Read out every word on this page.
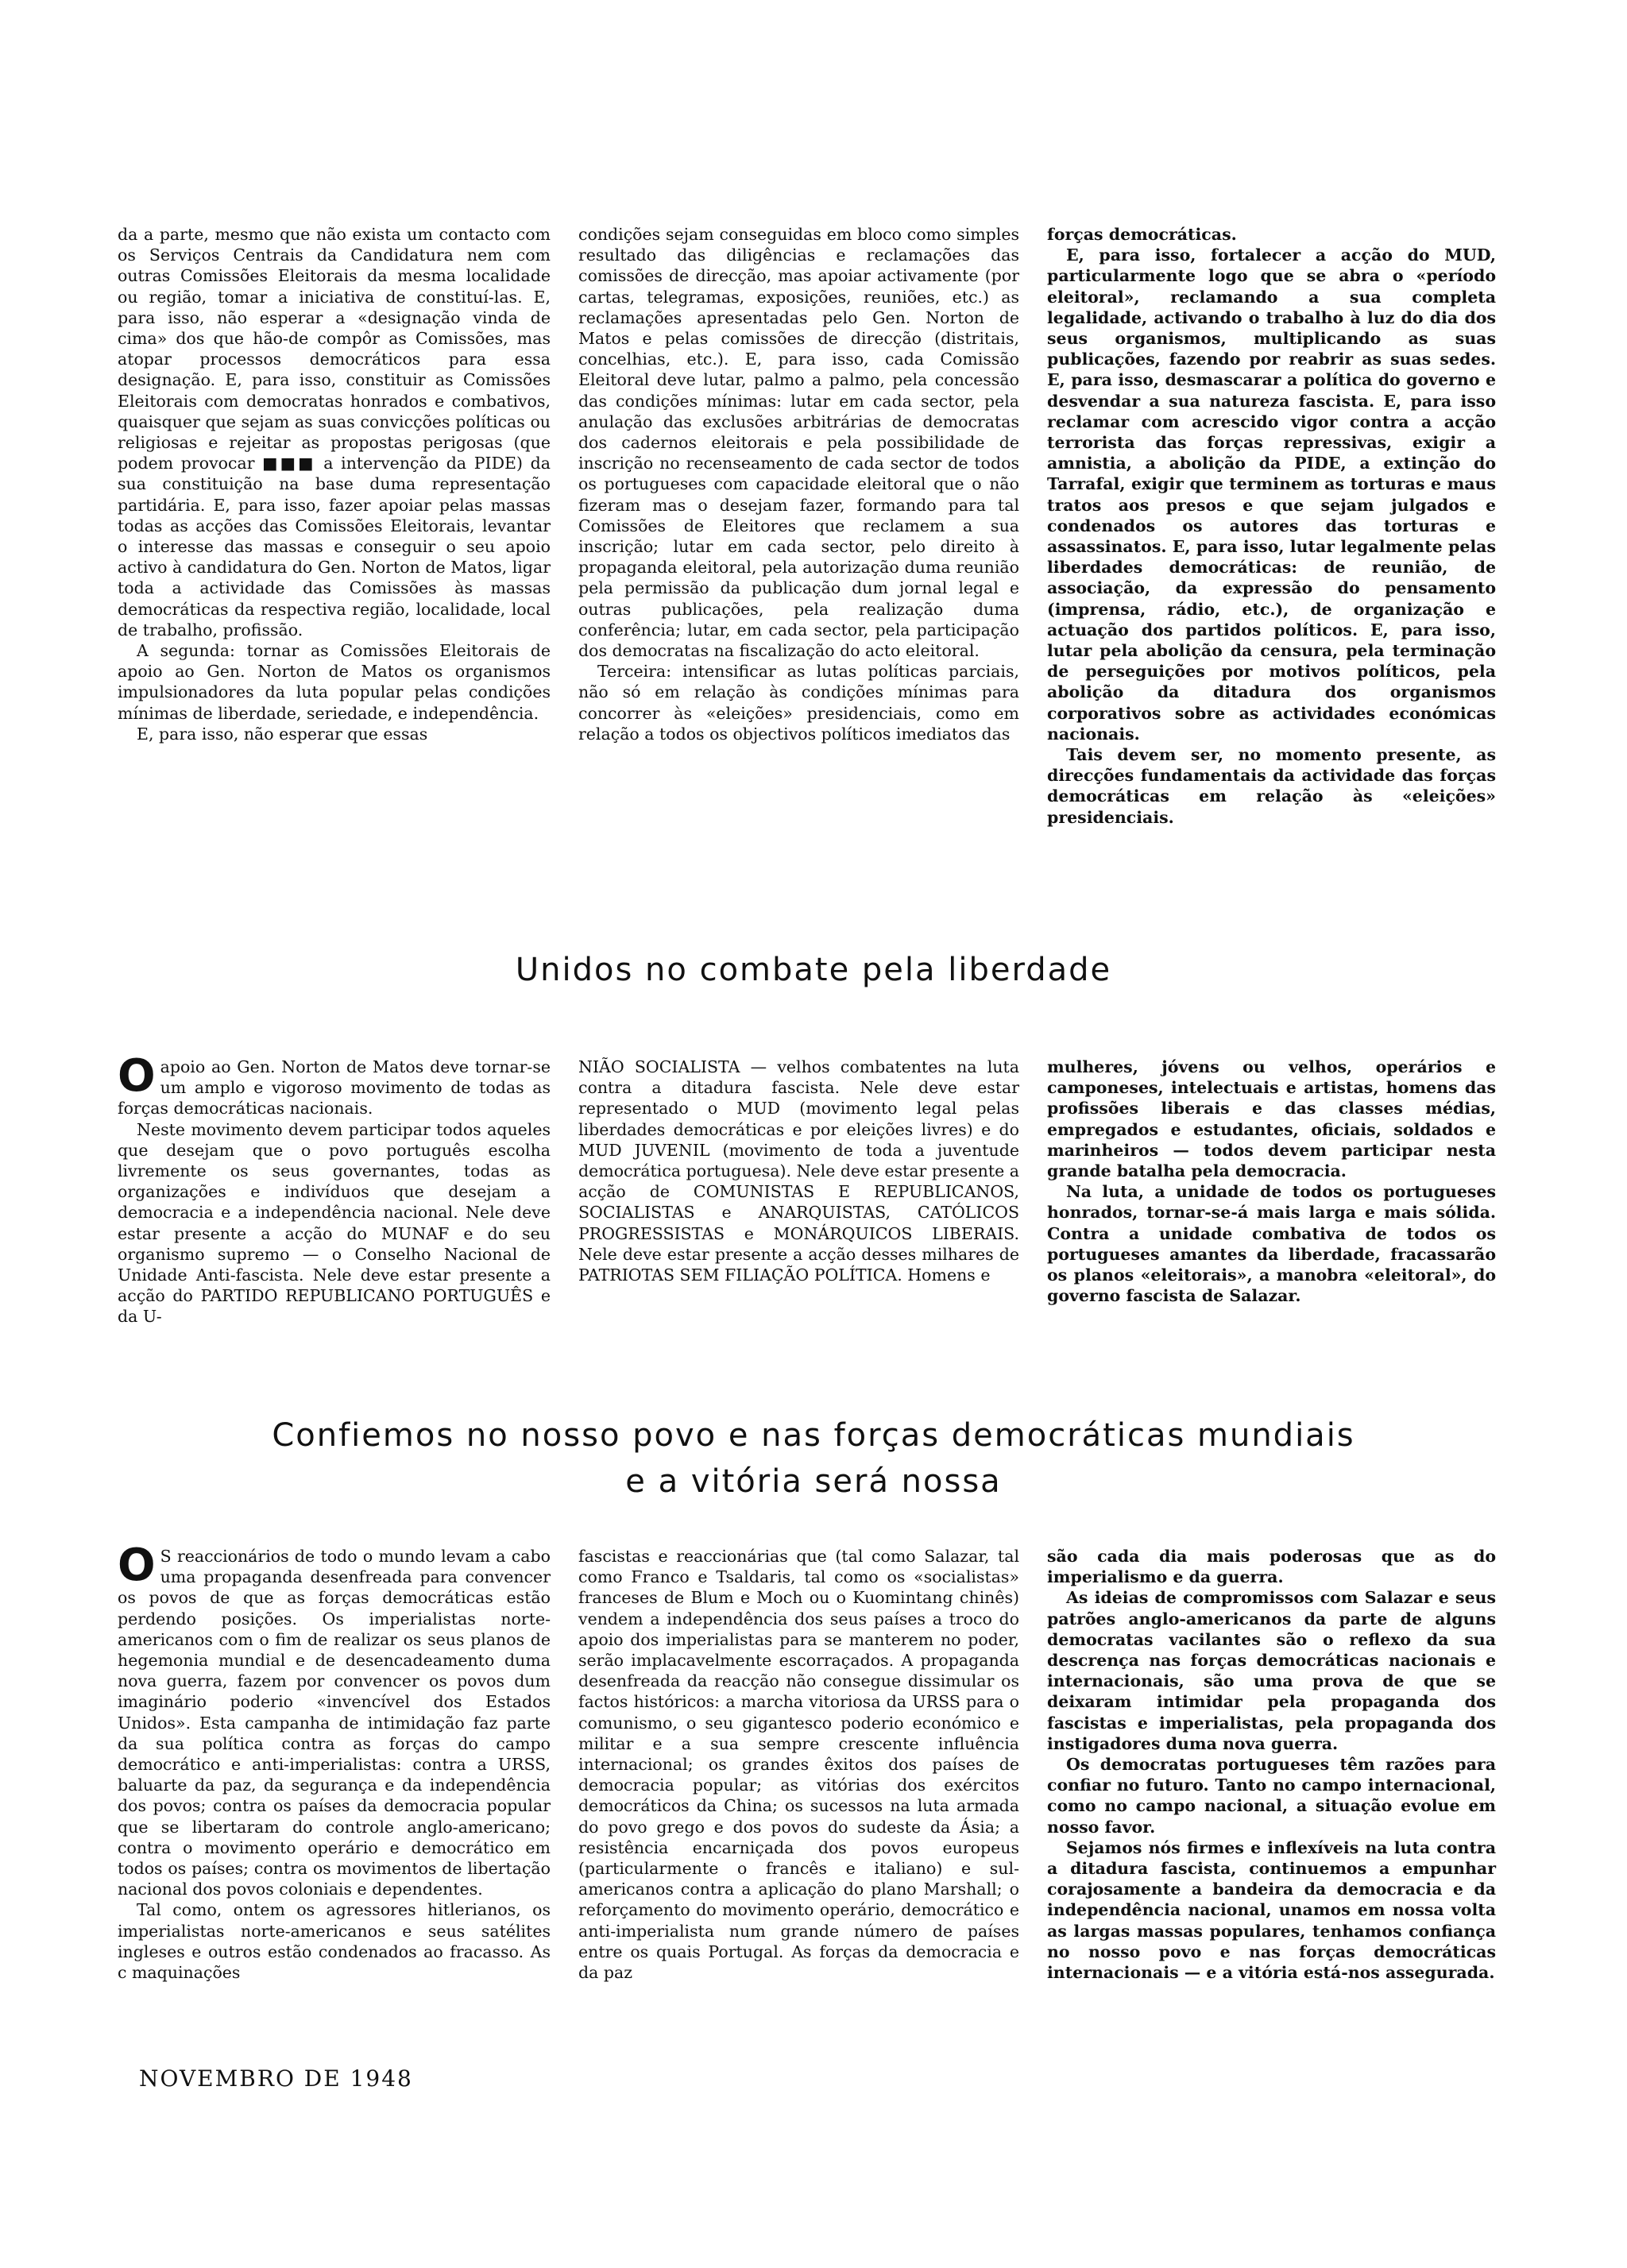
da a parte, mesmo que não exista um contacto com os Serviços Centrais da Candidatura nem com outras Comissões Eleitorais da mesma localidade ou região, tomar a iniciativa de constituí-las. E, para isso, não esperar a «designação vinda de cima» dos que hão-de compôr as Comissões, mas atopar processos democráticos para essa designação. E, para isso, constituir as Comissões Eleitorais com democratas honrados e combativos, quaisquer que sejam as suas convicções políticas ou religiosas e rejeitar as propostas perigosas (que podem provocar ■■■ a intervenção da PIDE) da sua constituição na base duma representação partidária. E, para isso, fazer apoiar pelas massas todas as acções das Comissões Eleitorais, levantar o interesse das massas e conseguir o seu apoio activo à candidatura do Gen. Norton de Matos, ligar toda a actividade das Comissões às massas democráticas da respectiva região, localidade, local de trabalho, profissão.

A segunda: tornar as Comissões Eleitorais de apoio ao Gen. Norton de Matos os organismos impulsionadores da luta popular pelas condições mínimas de liberdade, seriedade, e independência.

E, para isso, não esperar que essas

condições sejam conseguidas em bloco como simples resultado das diligências e reclamações das comissões de direcção, mas apoiar activamente (por cartas, telegramas, exposições, reuniões, etc.) as reclamações apresentadas pelo Gen. Norton de Matos e pelas comissões de direcção (distritais, concelhias, etc.). E, para isso, cada Comissão Eleitoral deve lutar, palmo a palmo, pela concessão das condições mínimas: lutar em cada sector, pela anulação das exclusões arbitrárias de democratas dos cadernos eleitorais e pela possibilidade de inscrição no recenseamento de cada sector de todos os portugueses com capacidade eleitoral que o não fizeram mas o desejam fazer, formando para tal Comissões de Eleitores que reclamem a sua inscrição; lutar em cada sector, pelo direito à propaganda eleitoral, pela autorização duma reunião pela permissão da publicação dum jornal legal e outras publicações, pela realização duma conferência; lutar, em cada sector, pela participação dos democratas na fiscalização do acto eleitoral.

Terceira: intensificar as lutas políticas parciais, não só em relação às condições mínimas para concorrer às «eleições» presidenciais, como em relação a todos os objectivos políticos imediatos das

forças democráticas.

E, para isso, fortalecer a acção do MUD, particularmente logo que se abra o «período eleitoral», reclamando a sua completa legalidade, activando o trabalho à luz do dia dos seus organismos, multiplicando as suas publicações, fazendo por reabrir as suas sedes. E, para isso, desmascarar a política do governo e desvendar a sua natureza fascista. E, para isso reclamar com acrescido vigor contra a acção terrorista das forças repressivas, exigir a amnistia, a abolição da PIDE, a extinção do Tarrafal, exigir que terminem as torturas e maus tratos aos presos e que sejam julgados e condenados os autores das torturas e assassinatos. E, para isso, lutar legalmente pelas liberdades democráticas: de reunião, de associação, da expressão do pensamento (imprensa, rádio, etc.), de organização e actuação dos partidos políticos. E, para isso, lutar pela abolição da censura, pela terminação de perseguições por motivos políticos, pela abolição da ditadura dos organismos corporativos sobre as actividades económicas nacionais.

Tais devem ser, no momento presente, as direcções fundamentais da actividade das forças democráticas em relação às «eleições» presidenciais.

Unidos no combate pela liberdade

Oapoio ao Gen. Norton de Matos deve tornar-se um amplo e vigoroso movimento de todas as forças democráticas nacionais.

Neste movimento devem participar todos aqueles que desejam que o povo português escolha livremente os seus governantes, todas as organizações e indivíduos que desejam a democracia e a independência nacional. Nele deve estar presente a acção do MUNAF e do seu organismo supremo — o Conselho Nacional de Unidade Anti-fascista. Nele deve estar presente a acção do PARTIDO REPUBLICANO PORTUGUÊS e da U-

NIÃO SOCIALISTA — velhos combatentes na luta contra a ditadura fascista. Nele deve estar representado o MUD (movimento legal pelas liberdades democráticas e por eleições livres) e do MUD JUVENIL (movimento de toda a juventude democrática portuguesa). Nele deve estar presente a acção de COMUNISTAS E REPUBLICANOS, SOCIALISTAS e ANARQUISTAS, CATÓLICOS PROGRESSISTAS e MONÁRQUICOS LIBERAIS. Nele deve estar presente a acção desses milhares de PATRIOTAS SEM FILIAÇÃO POLÍTICA. Homens e

mulheres, jóvens ou velhos, operários e camponeses, intelectuais e artistas, homens das profissões liberais e das classes médias, empregados e estudantes, oficiais, soldados e marinheiros — todos devem participar nesta grande batalha pela democracia.

Na luta, a unidade de todos os portugueses honrados, tornar-se-á mais larga e mais sólida. Contra a unidade combativa de todos os portugueses amantes da liberdade, fracassarão os planos «eleitorais», a manobra «eleitoral», do governo fascista de Salazar.

Confiemos no nosso povo e nas forças democráticas mundiais
e a vitória será nossa

O S reaccionários de todo o mundo levam a cabo uma propaganda desenfreada para convencer os povos de que as forças democráticas estão perdendo posições. Os imperialistas norte-americanos com o fim de realizar os seus planos de hegemonia mundial e de desencadeamento duma nova guerra, fazem por convencer os povos dum imaginário poderio «invencível dos Estados Unidos». Esta campanha de intimidação faz parte da sua política contra as forças do campo democrático e anti-imperialistas: contra a URSS, baluarte da paz, da segurança e da independência dos povos; contra os países da democracia popular que se libertaram do controle anglo-americano; contra o movimento operário e democrático em todos os países; contra os movimentos de libertação nacional dos povos coloniais e dependentes.

Tal como, ontem os agressores hitlerianos, os imperialistas norte-americanos e seus satélites ingleses e outros estão condenados ao fracasso. As c maquinações

fascistas e reaccionárias que (tal como Salazar, tal como Franco e Tsaldaris, tal como os «socialistas» franceses de Blum e Moch ou o Kuomintang chinês) vendem a independência dos seus países a troco do apoio dos imperialistas para se manterem no poder, serão implacavelmente escorraçados. A propaganda desenfreada da reacção não consegue dissimular os factos históricos: a marcha vitoriosa da URSS para o comunismo, o seu gigantesco poderio económico e militar e a sua sempre crescente influência internacional; os grandes êxitos dos países de democracia popular; as vitórias dos exércitos democráticos da China; os sucessos na luta armada do povo grego e dos povos do sudeste da Ásia; a resistência encarniçada dos povos europeus (particularmente o francês e italiano) e sul-americanos contra a aplicação do plano Marshall; o reforçamento do movimento operário, democrático e anti-imperialista num grande número de países entre os quais Portugal. As forças da democracia e da paz

são cada dia mais poderosas que as do imperialismo e da guerra.

As ideias de compromissos com Salazar e seus patrões anglo-americanos da parte de alguns democratas vacilantes são o reflexo da sua descrença nas forças democráticas nacionais e internacionais, são uma prova de que se deixaram intimidar pela propaganda dos fascistas e imperialistas, pela propaganda dos instigadores duma nova guerra.

Os democratas portugueses têm razões para confiar no futuro. Tanto no campo internacional, como no campo nacional, a situação evolue em nosso favor.

Sejamos nós firmes e inflexíveis na luta contra a ditadura fascista, continuemos a empunhar corajosamente a bandeira da democracia e da independência nacional, unamos em nossa volta as largas massas populares, tenhamos confiança no nosso povo e nas forças democráticas internacionais — e a vitória está-nos assegurada.

NOVEMBRO DE 1948
